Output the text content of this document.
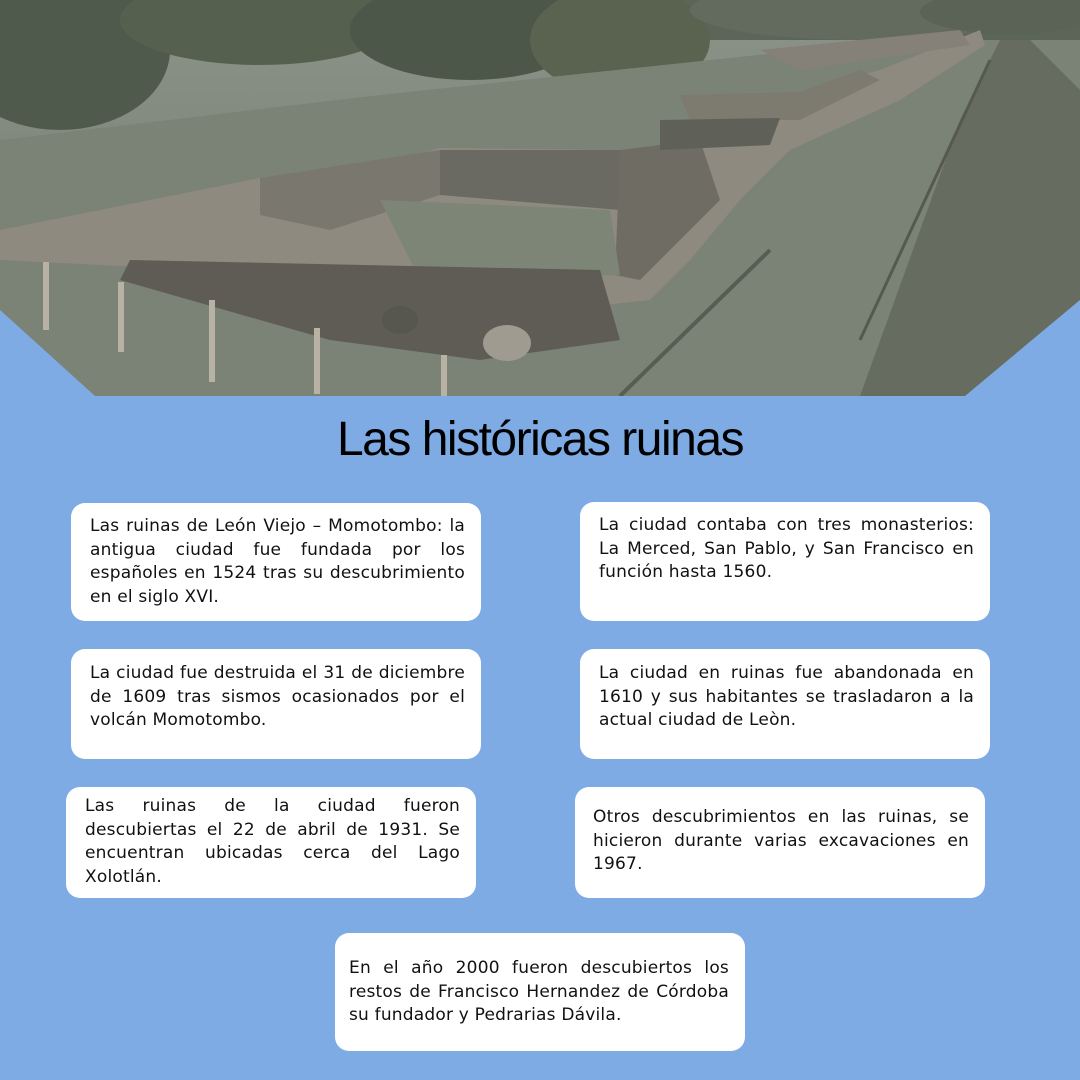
Las históricas ruinas
Las ruinas de León Viejo – Momotombo: la antigua ciudad fue fundada por los españoles en 1524 tras su descubrimiento en el siglo XVI.
La ciudad contaba con tres monasterios: La Merced, San Pablo, y San Francisco en función hasta 1560.
La ciudad fue destruida el 31 de diciembre de 1609 tras sismos ocasionados por el volcán Momotombo.
La ciudad en ruinas fue abandonada en 1610 y sus habitantes se trasladaron a la actual ciudad de Leòn.
Las ruinas de la ciudad fueron descubiertas el 22 de abril de 1931. Se encuentran ubicadas cerca del Lago Xolotlán.
Otros descubrimientos en las ruinas, se hicieron durante varias excavaciones en 1967.
En el año 2000 fueron descubiertos los restos de Francisco Hernandez de Córdoba su fundador y Pedrarias Dávila.
